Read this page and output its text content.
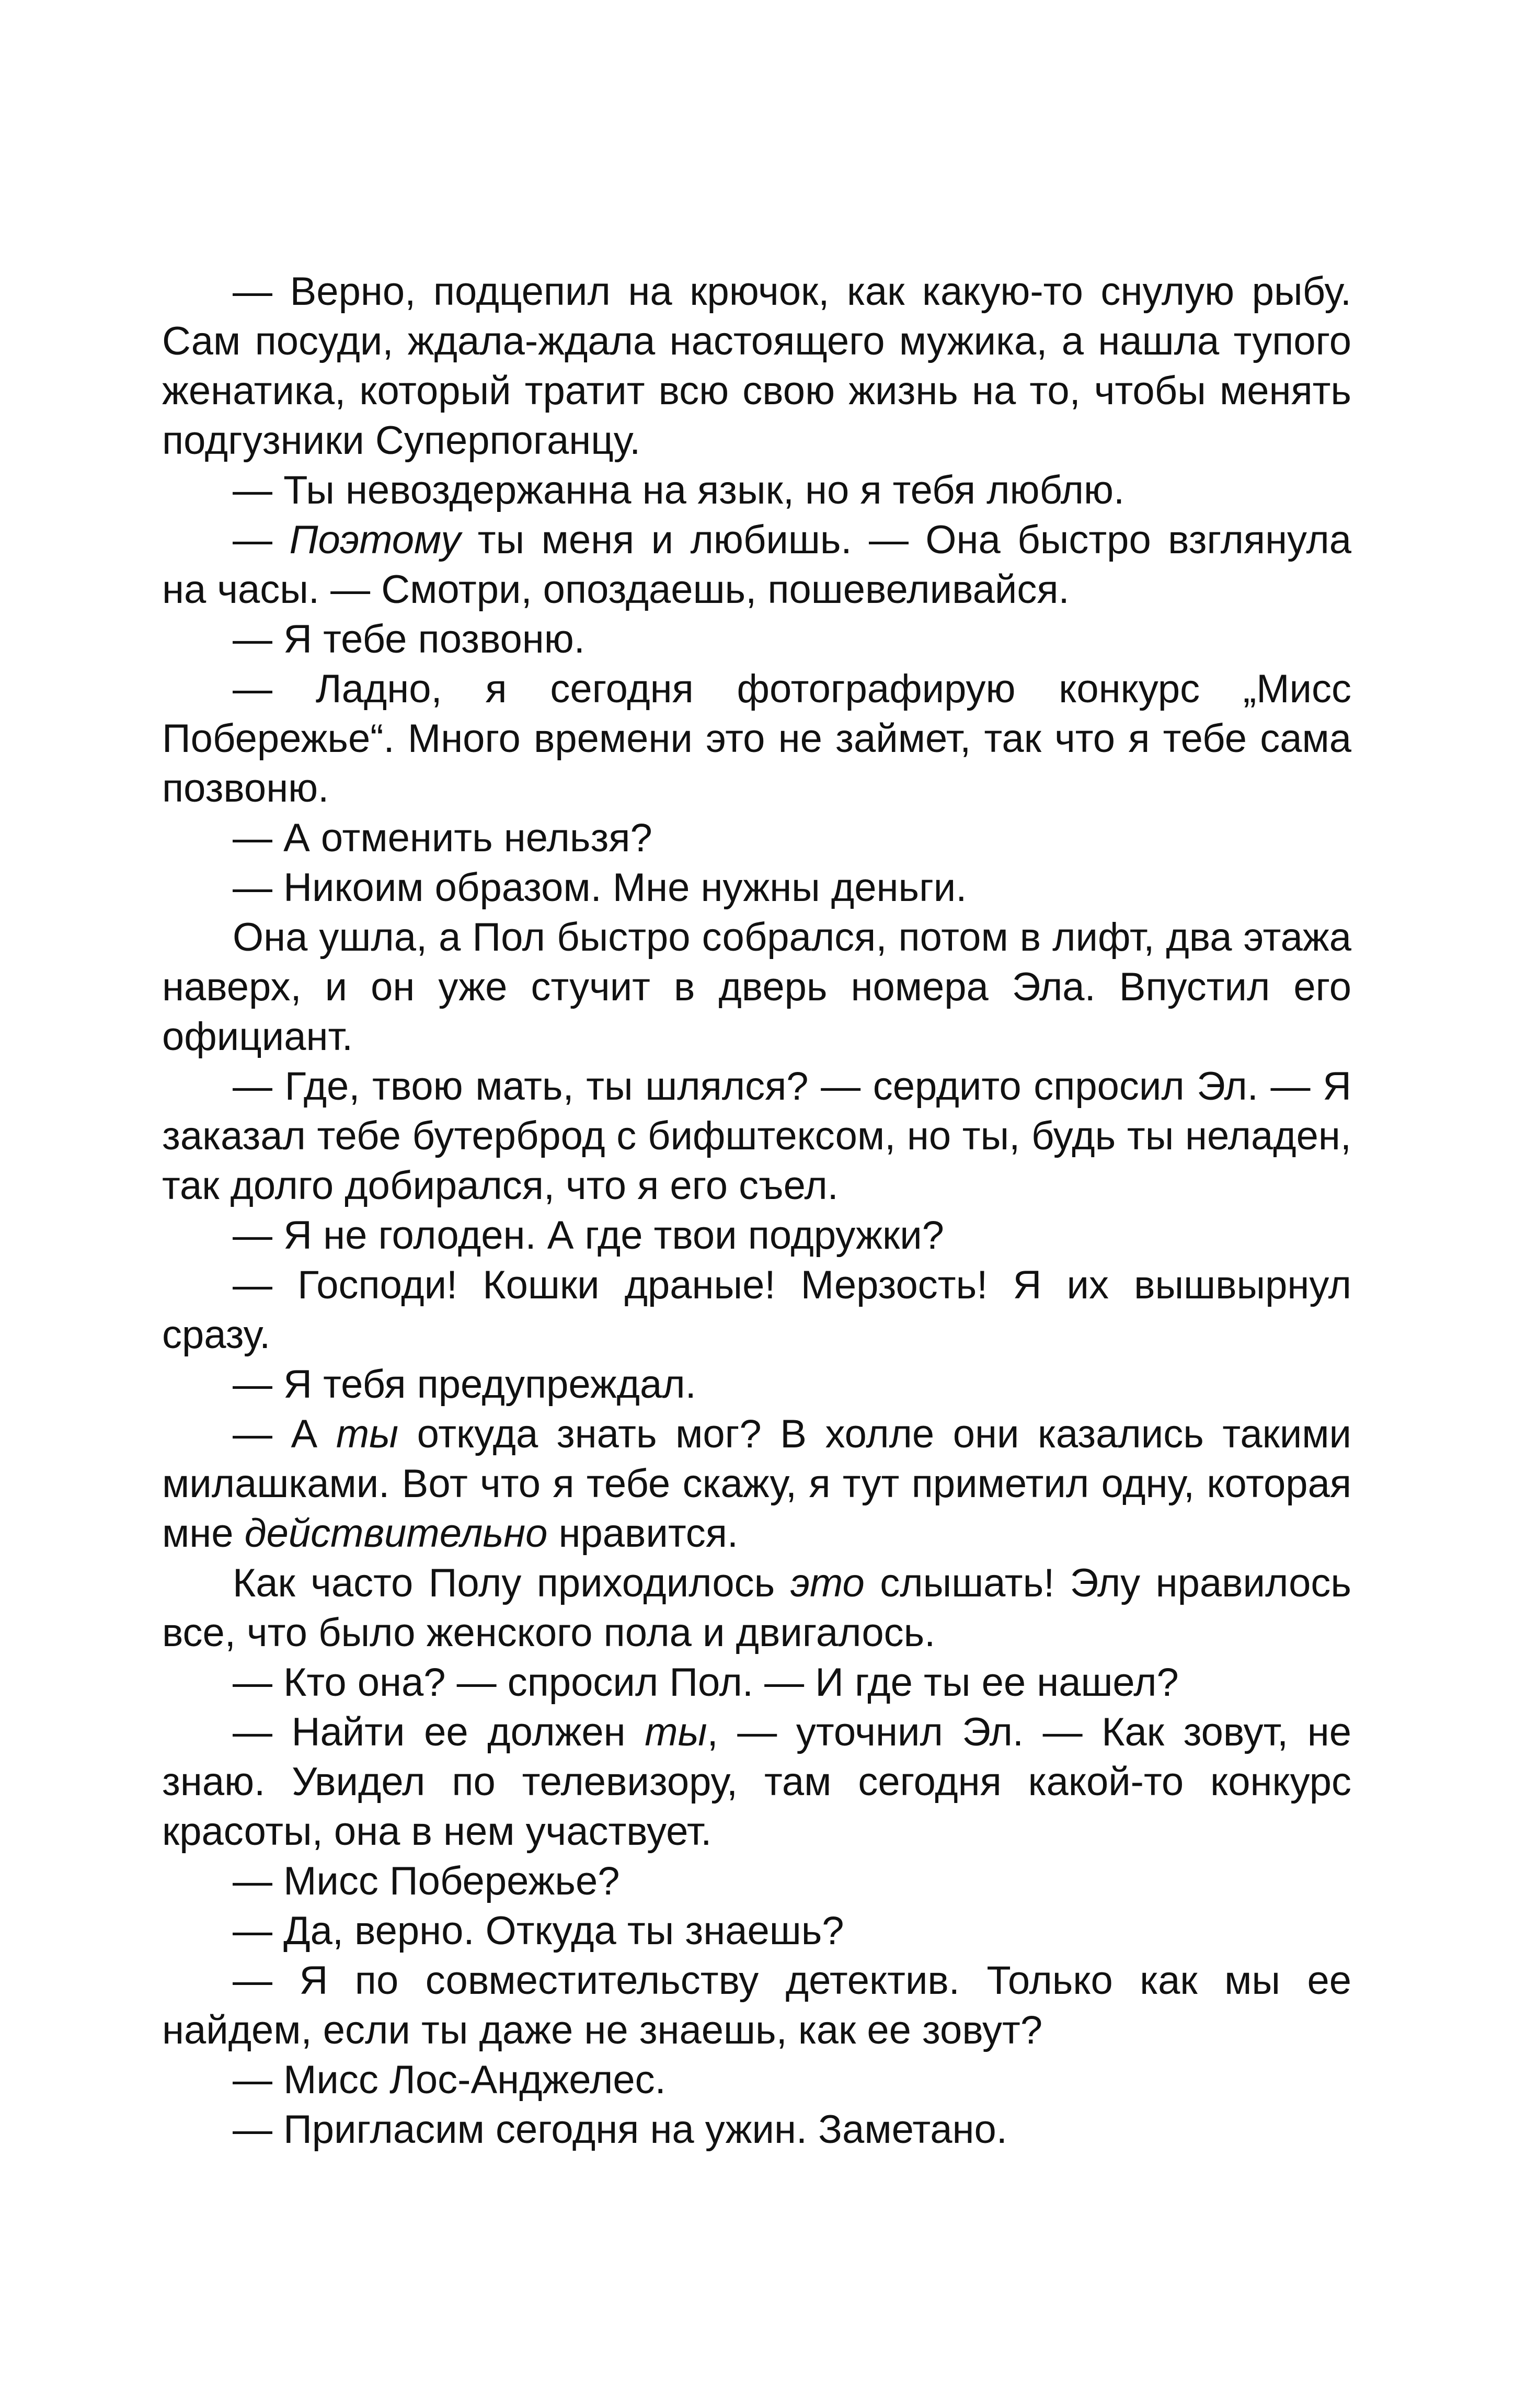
— Верно, подцепил на крючок, как какую-то снулую рыбу. Сам посуди, ждала-ждала настоящего мужика, а нашла тупого женатика, который тратит всю свою жизнь на то, чтобы менять подгузники Суперпоганцу.

— Ты невоздержанна на язык, но я тебя люблю.

— Поэтому ты меня и любишь. — Она быстро взглянула на часы. — Смотри, опоздаешь, пошевеливайся.

— Я тебе позвоню.

— Ладно, я сегодня фотографирую конкурс „Мисс Побережье“. Много времени это не займет, так что я тебе сама позвоню.

— А отменить нельзя?

— Никоим образом. Мне нужны деньги.

Она ушла, а Пол быстро собрался, потом в лифт, два этажа наверх, и он уже стучит в дверь номера Эла. Впустил его официант.

— Где, твою мать, ты шлялся? — сердито спросил Эл. — Я заказал тебе бутерброд с бифштексом, но ты, будь ты неладен, так долго добирался, что я его съел.

— Я не голоден. А где твои подружки?

— Господи! Кошки драные! Мерзость! Я их вышвырнул сразу.

— Я тебя предупреждал.

— А ты откуда знать мог? В холле они казались такими милашками. Вот что я тебе скажу, я тут приметил одну, которая мне действительно нравится.

Как часто Полу приходилось это слышать! Элу нравилось все, что было женского пола и двигалось.

— Кто она? — спросил Пол. — И где ты ее нашел?

— Найти ее должен ты, — уточнил Эл. — Как зовут, не знаю. Увидел по телевизору, там сегодня какой-то конкурс красоты, она в нем участвует.

— Мисс Побережье?

— Да, верно. Откуда ты знаешь?

— Я по совместительству детектив. Только как мы ее найдем, если ты даже не знаешь, как ее зовут?

— Мисс Лос-Анджелес.

— Пригласим сегодня на ужин. Заметано.
